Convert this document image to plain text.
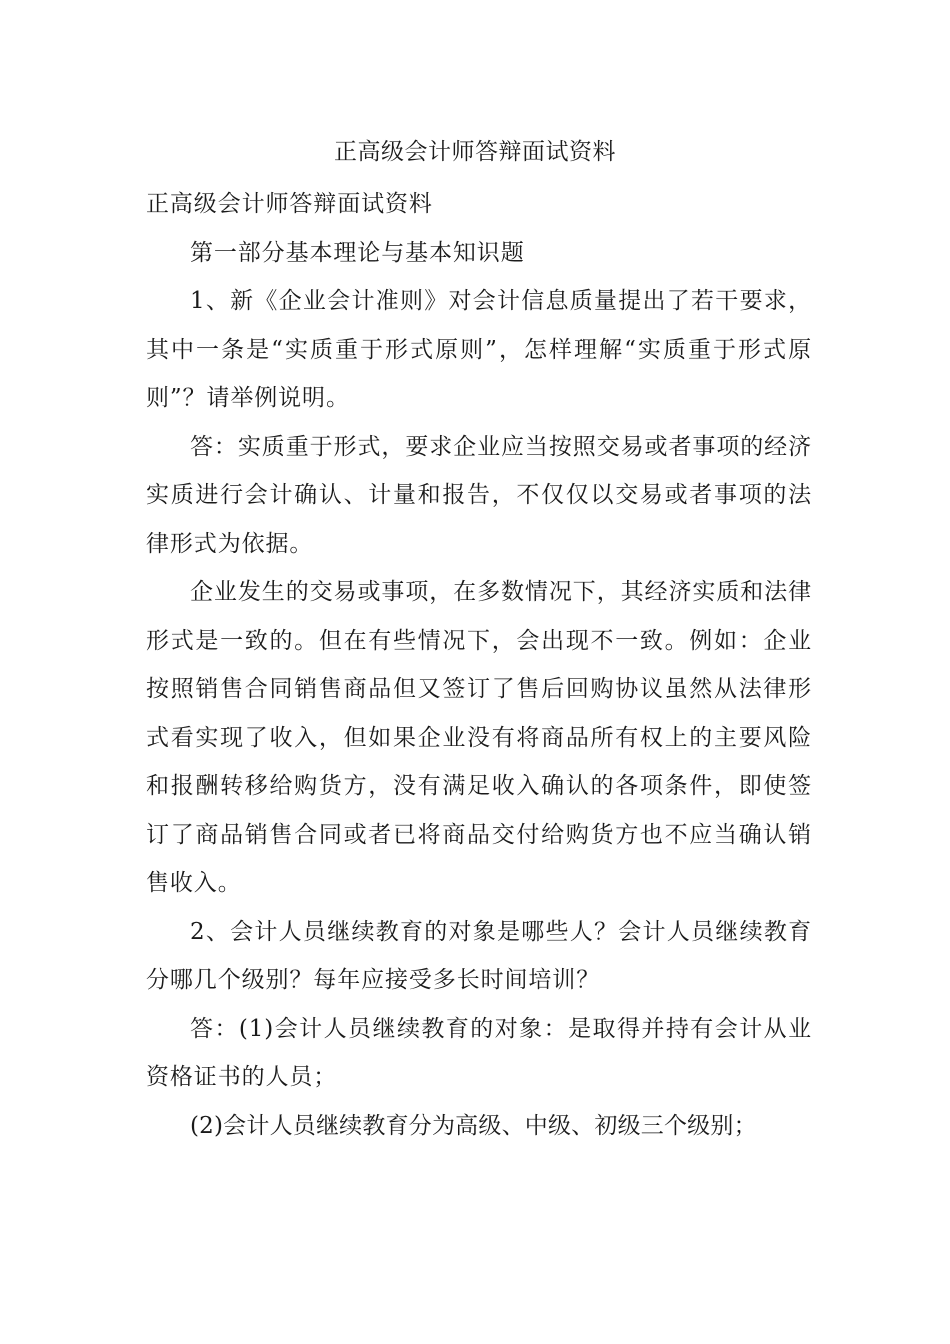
正高级会计师答辩面试资料

正高级会计师答辩面试资料

第一部分基本理论与基本知识题

1、新《企业会计准则》对会计信息质量提出了若干要求，其中一条是“实质重于形式原则”，怎样理解“实质重于形式原则”？请举例说明。

答：实质重于形式，要求企业应当按照交易或者事项的经济实质进行会计确认、计量和报告，不仅仅以交易或者事项的法律形式为依据。

企业发生的交易或事项，在多数情况下，其经济实质和法律形式是一致的。但在有些情况下，会出现不一致。例如：企业按照销售合同销售商品但又签订了售后回购协议虽然从法律形式看实现了收入，但如果企业没有将商品所有权上的主要风险和报酬转移给购货方，没有满足收入确认的各项条件，即使签订了商品销售合同或者已将商品交付给购货方也不应当确认销售收入。

2、会计人员继续教育的对象是哪些人？会计人员继续教育分哪几个级别？每年应接受多长时间培训？

答：(1)会计人员继续教育的对象：是取得并持有会计从业资格证书的人员；

(2)会计人员继续教育分为高级、中级、初级三个级别；
